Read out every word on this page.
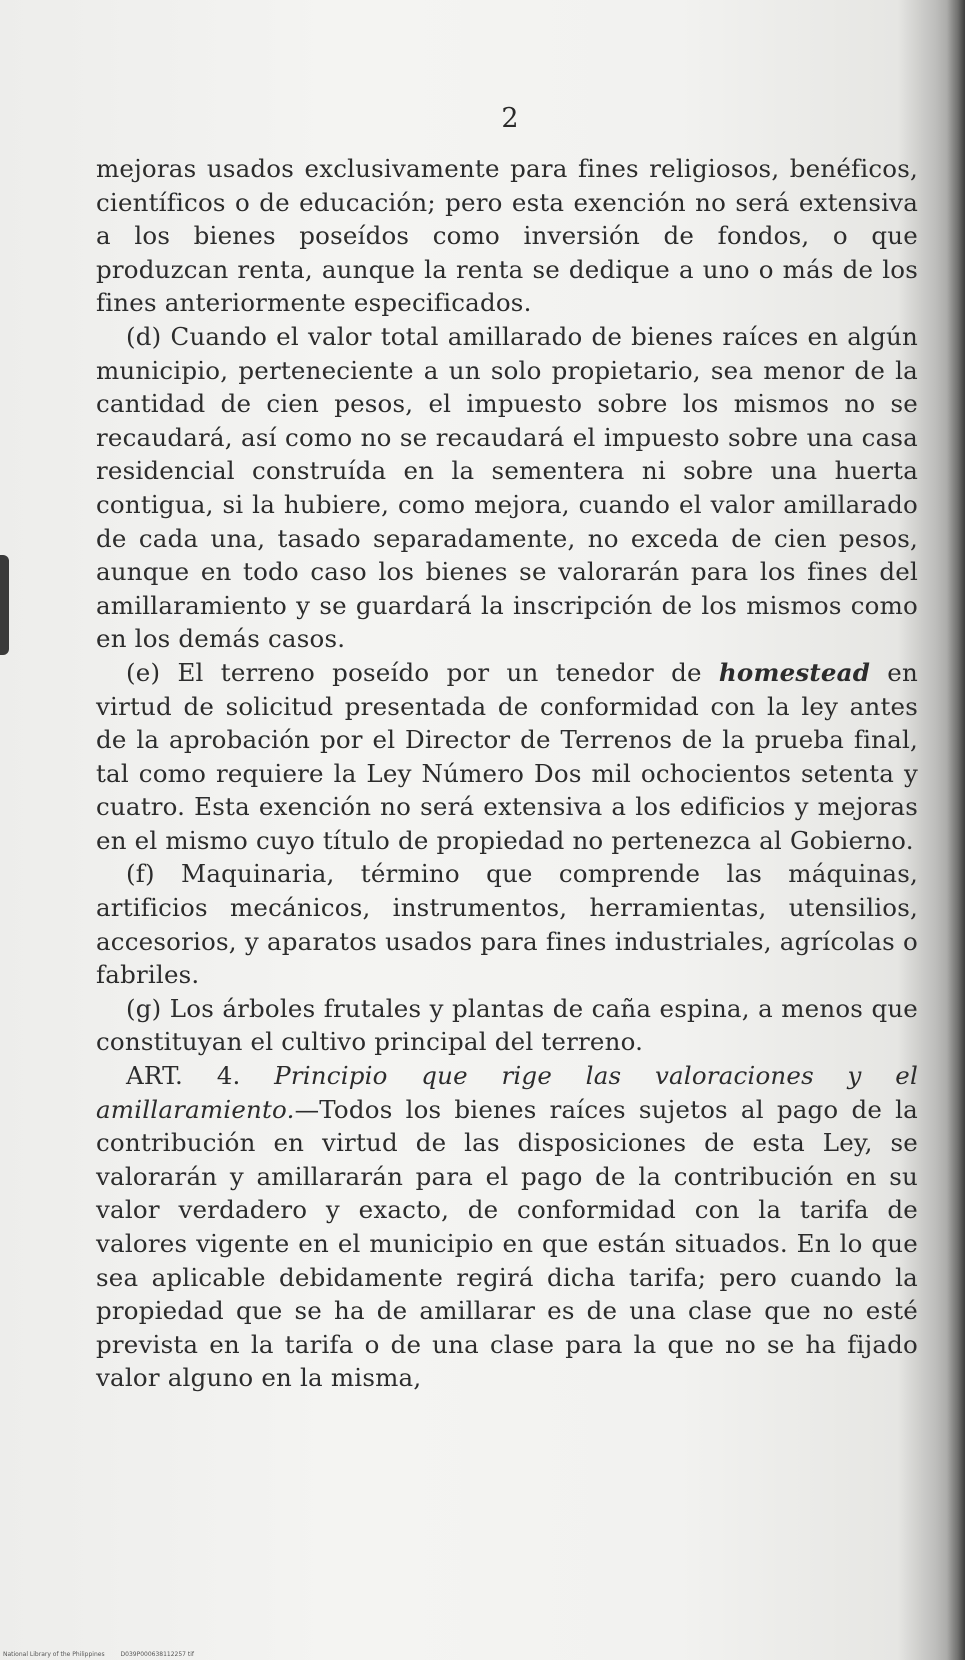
2

mejoras usados exclusivamente para fines religiosos, benéficos, científicos o de educación; pero esta exención no será extensiva a los bienes poseídos como inversión de fondos, o que produzcan renta, aunque la renta se dedique a uno o más de los fines anteriormente especificados.

(d) Cuando el valor total amillarado de bienes raíces en algún municipio, perteneciente a un solo propietario, sea menor de la cantidad de cien pesos, el impuesto sobre los mismos no se recaudará, así como no se recaudará el impuesto sobre una casa residencial construída en la sementera ni sobre una huerta contigua, si la hubiere, como mejora, cuando el valor amillarado de cada una, tasado separadamente, no exceda de cien pesos, aunque en todo caso los bienes se valorarán para los fines del amillaramiento y se guardará la inscripción de los mismos como en los demás casos.

(e) El terreno poseído por un tenedor de homestead en virtud de solicitud presentada de conformidad con la ley antes de la aprobación por el Director de Terrenos de la prueba final, tal como requiere la Ley Número Dos mil ochocientos setenta y cuatro. Esta exención no será extensiva a los edificios y mejoras en el mismo cuyo título de propiedad no pertenezca al Gobierno.

(f) Maquinaria, término que comprende las máquinas, artificios mecánicos, instrumentos, herramientas, utensilios, accesorios, y aparatos usados para fines industriales, agrícolas o fabriles.

(g) Los árboles frutales y plantas de caña espina, a menos que constituyan el cultivo principal del terreno.

ART. 4. Principio que rige las valoraciones y el amillaramiento.—Todos los bienes raíces sujetos al pago de la contribución en virtud de las disposiciones de esta Ley, se valorarán y amillararán para el pago de la contribución en su valor verdadero y exacto, de conformidad con la tarifa de valores vigente en el municipio en que están situados. En lo que sea aplicable debidamente regirá dicha tarifa; pero cuando la propiedad que se ha de amillarar es de una clase que no esté prevista en la tarifa o de una clase para la que no se ha fijado valor alguno en la misma,

National Library of the Philippines	D039P000638112257 tif
